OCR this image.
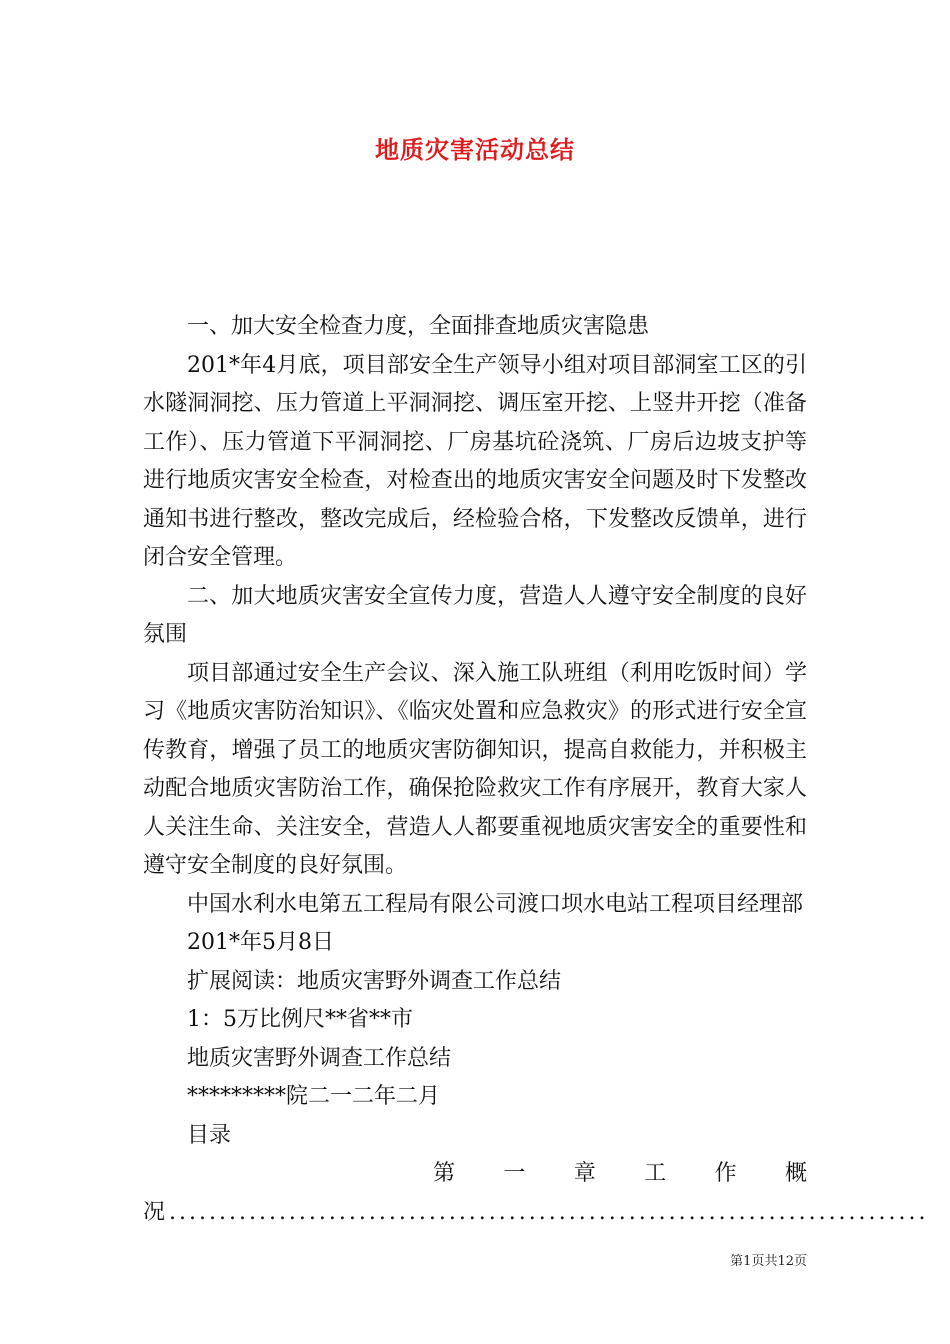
地质灾害活动总结

一、加大安全检查力度，全面排查地质灾害隐患

201*年4月底，项目部安全生产领导小组对项目部洞室工区的引水隧洞洞挖、压力管道上平洞洞挖、调压室开挖、上竖井开挖（准备工作）、压力管道下平洞洞挖、厂房基坑砼浇筑、厂房后边坡支护等进行地质灾害安全检查，对检查出的地质灾害安全问题及时下发整改通知书进行整改，整改完成后，经检验合格，下发整改反馈单，进行闭合安全管理。

二、加大地质灾害安全宣传力度，营造人人遵守安全制度的良好氛围

项目部通过安全生产会议、深入施工队班组（利用吃饭时间）学习《地质灾害防治知识》、《临灾处置和应急救灾》的形式进行安全宣传教育，增强了员工的地质灾害防御知识，提高自救能力，并积极主动配合地质灾害防治工作，确保抢险救灾工作有序展开，教育大家人人关注生命、关注安全，营造人人都要重视地质灾害安全的重要性和遵守安全制度的良好氛围。

中国水利水电第五工程局有限公司渡口坝水电站工程项目经理部

201*年5月8日

扩展阅读：地质灾害野外调查工作总结

1：5万比例尺**省**市

地质灾害野外调查工作总结

*********院二一二年二月

目录

第 一 章 工 作 概
况 ............................................................................
第1页共12页
